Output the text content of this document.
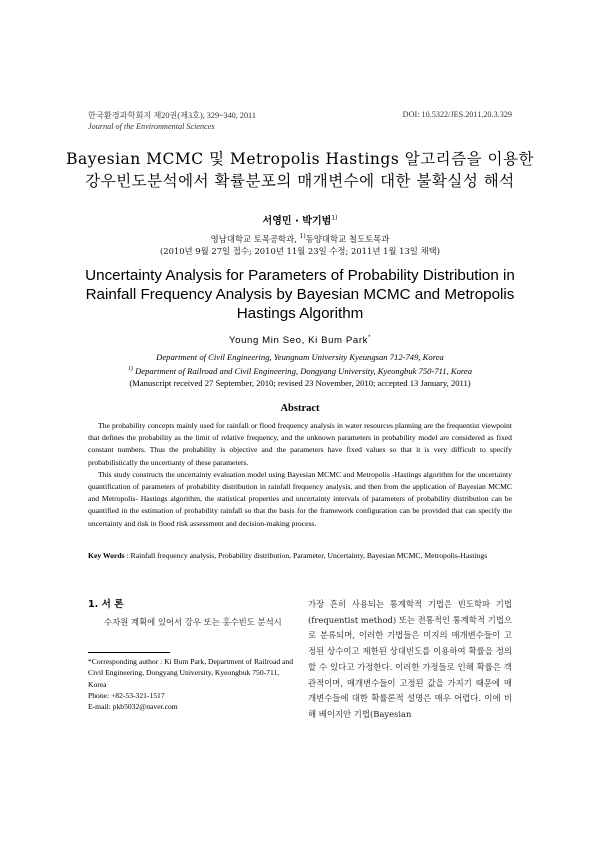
한국환경과학회지 제20권(제3호), 329~340, 2011
Journal of the Environmental Sciences
DOI: 10.5322/JES.2011.20.3.329
Bayesian MCMC 및 Metropolis Hastings 알고리즘을 이용한
강우빈도분석에서 확률분포의 매개변수에 대한 불확실성 해석
서영민 · 박기범$^{1)}$
영남대학교 토목공학과, $^{1)}$동양대학교 철도토목과
(2010년 9월 27일 접수; 2010년 11월 23일 수정; 2011년 1월 13일 채택)
Uncertainty Analysis for Parameters of Probability Distribution in
Rainfall Frequency Analysis by Bayesian MCMC and Metropolis
Hastings Algorithm
Young Min Seo, Ki Bum Park*
Department of Civil Engineering, Yeungnam University Kyeungsan 712-749, Korea
$^{1)}$ Department of Railroad and Civil Engineering, Dongyang University, Kyeongbuk 750-711, Korea
(Manuscript received 27 September, 2010; revised 23 November, 2010; accepted 13 January, 2011)
Abstract

The probability concepts mainly used for rainfall or flood frequency analysis in water resources planning are the frequentist viewpoint that defines the probability as the limit of relative frequency, and the unknown parameters in probability model are considered as fixed constant numbers. Thus the probability is objective and the parameters have fixed values so that it is very difficult to specify probabilistically the uncertianty of these parameters.

This study constructs the uncertainty evaluation model using Bayesian MCMC and Metropolis -Hastings algorithm for the uncertainty quantification of parameters of probability distribution in rainfall frequency analysis, and then from the application of Bayesian MCMC and Metropolis- Hastings algorithm, the statistical properties and uncertainty intervals of parameters of probability distribution can be quantified in the estimation of probability rainfall so that the basis for the framework configuration can be provided that can specify the uncertainty and risk in flood risk assessment and decision-making process.

Key Words : Rainfall frequency analysis, Probability distribution, Parameter, Uncertainty, Bayesian MCMC, Metropolis-Hastings
1. 서 론

수자원 계획에 있어서 강우 또는 홍수빈도 분석시

*Corresponding author : Ki Bum Park, Department of Railroad and Civil Engineering, Dongyang University, Kyeongbuk 750-711, Korea
Phone: +82-53-321-1517
E-mail: pkb5032@naver.com

가장 흔히 사용되는 통계학적 기법은 빈도학파 기법(frequentist method) 또는 전통적인 통계학적 기법으로 분류되며, 이러한 기법들은 미지의 매개변수들이 고정된 상수이고 제한된 상대빈도를 이용하여 확률을 정의할 수 있다고 가정한다. 이러한 가정들로 인해 확률은 객관적이며, 매개변수들이 고정된 값을 가지기 때문에 매개변수들에 대한 확률론적 설명은 매우 어렵다. 이에 비해 베이지안 기법(Bayesian
